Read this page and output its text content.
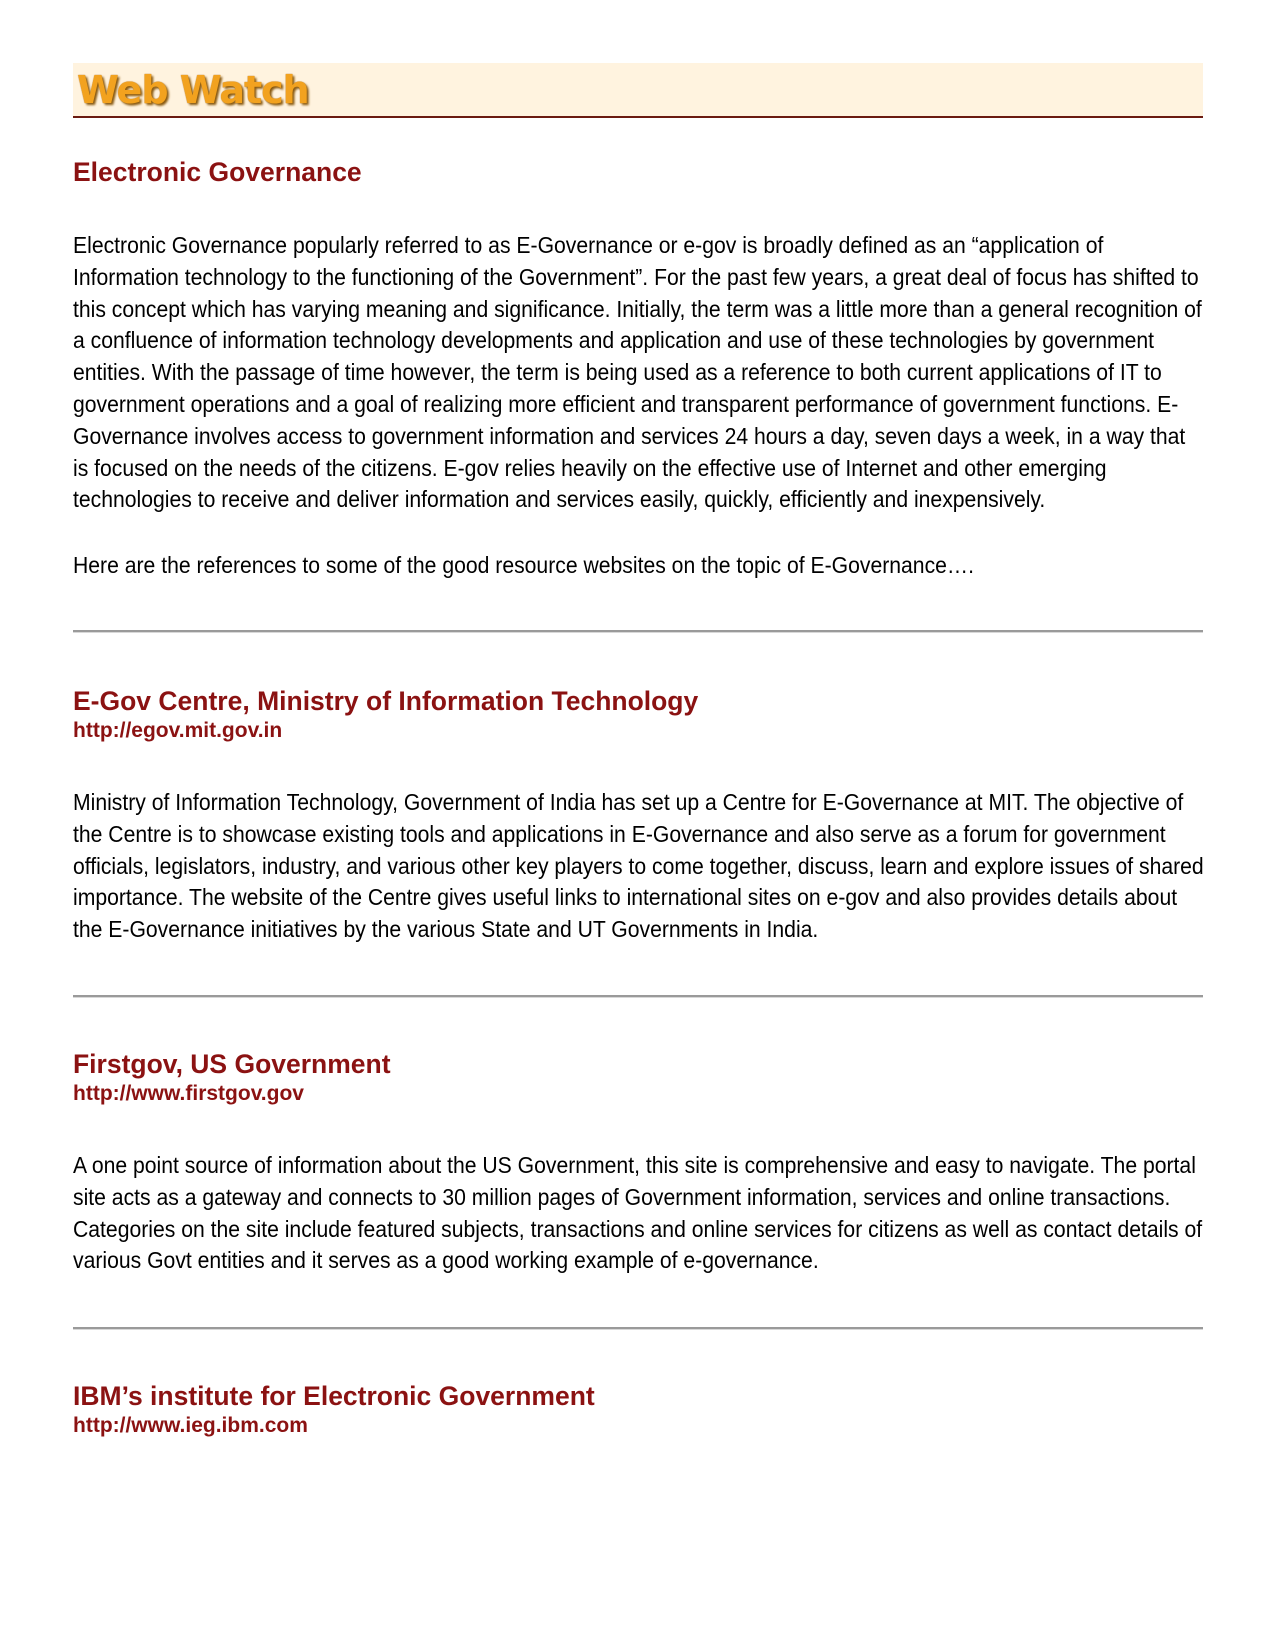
Web Watch
Electronic Governance

Electronic Governance popularly referred to as E-Governance or e-gov is broadly defined as an “application of Information technology to the functioning of the Government”. For the past few years, a great deal of focus has shifted to this concept which has varying meaning and significance. Initially, the term was a little more than a general recognition of a confluence of information technology developments and application and use of these technologies by government entities. With the passage of time however, the term is being used as a reference to both current applications of IT to government operations and a goal of realizing more efficient and transparent performance of government functions. E-Governance involves access to government information and services 24 hours a day, seven days a week, in a way that is focused on the needs of the citizens. E-gov relies heavily on the effective use of Internet and other emerging technologies to receive and deliver information and services easily, quickly, efficiently and inexpensively.

Here are the references to some of the good resource websites on the topic of E-Governance….

E-Gov Centre, Ministry of Information Technology
http://egov.mit.gov.in

Ministry of Information Technology, Government of India has set up a Centre for E-Governance at MIT. The objective of the Centre is to showcase existing tools and applications in E-Governance and also serve as a forum for government officials, legislators, industry, and various other key players to come together, discuss, learn and explore issues of shared importance. The website of the Centre gives useful links to international sites on e-gov and also provides details about the E-Governance initiatives by the various State and UT Governments in India.

Firstgov, US Government
http://www.firstgov.gov

A one point source of information about the US Government, this site is comprehensive and easy to navigate. The portal site acts as a gateway and connects to 30 million pages of Government information, services and online transactions. Categories on the site include featured subjects, transactions and online services for citizens as well as contact details of various Govt entities and it serves as a good working example of e-governance.

IBM’s institute for Electronic Government
http://www.ieg.ibm.com
